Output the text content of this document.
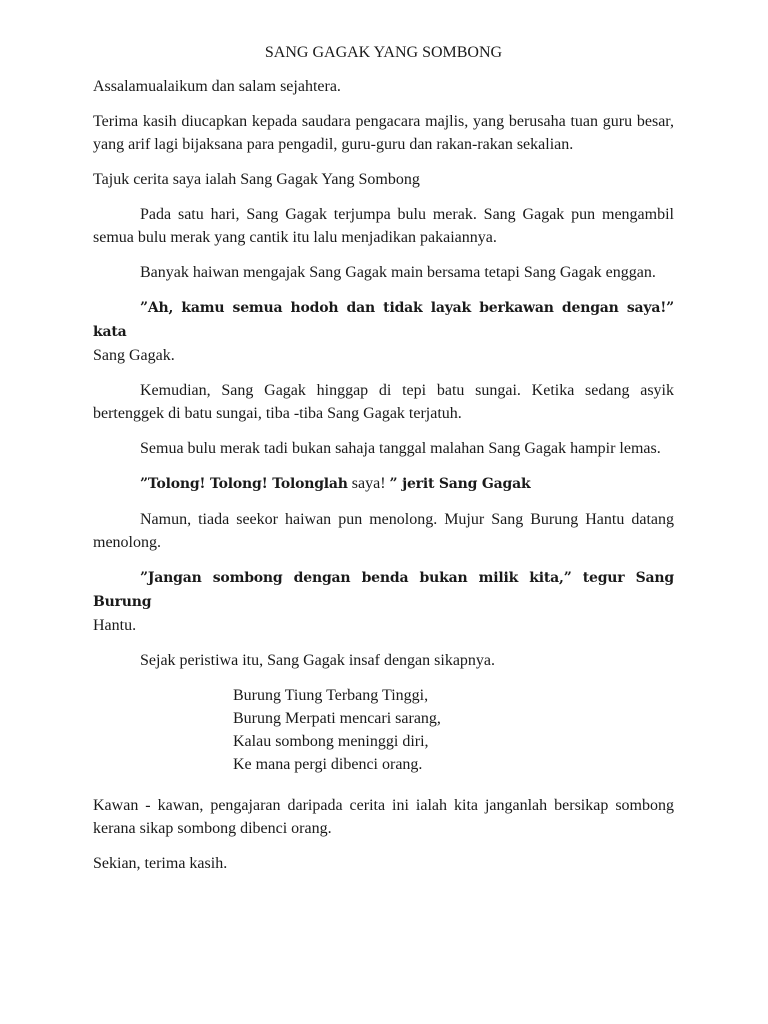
SANG GAGAK YANG SOMBONG

Assalamualaikum dan salam sejahtera.

Terima kasih diucapkan kepada saudara pengacara majlis, yang berusaha tuan guru besar, yang arif lagi bijaksana para pengadil, guru-guru dan rakan-rakan sekalian.

Tajuk cerita saya ialah Sang Gagak Yang Sombong

Pada satu hari, Sang Gagak terjumpa bulu merak. Sang Gagak pun mengambil semua bulu merak yang cantik itu lalu menjadikan pakaiannya.

Banyak haiwan mengajak Sang Gagak main bersama tetapi Sang Gagak enggan.

”Ah, kamu semua hodoh dan tidak layak berkawan dengan saya!” kata
Sang Gagak.

Kemudian, Sang Gagak hinggap di tepi batu sungai. Ketika sedang asyik bertenggek di batu sungai, tiba -tiba Sang Gagak terjatuh.

Semua bulu merak tadi bukan sahaja tanggal malahan Sang Gagak hampir lemas.

”Tolong! Tolong! Tolonglah saya! ” jerit Sang Gagak

Namun, tiada seekor haiwan pun menolong. Mujur Sang Burung Hantu datang menolong.

”Jangan sombong dengan benda bukan milik kita,” tegur Sang Burung
Hantu.

Sejak peristiwa itu, Sang Gagak insaf dengan sikapnya.

Burung Tiung Terbang Tinggi,
Burung Merpati mencari sarang,
Kalau sombong meninggi diri,
Ke mana pergi dibenci orang.

Kawan - kawan, pengajaran daripada cerita ini ialah kita janganlah bersikap sombong kerana sikap sombong dibenci orang.

Sekian, terima kasih.
